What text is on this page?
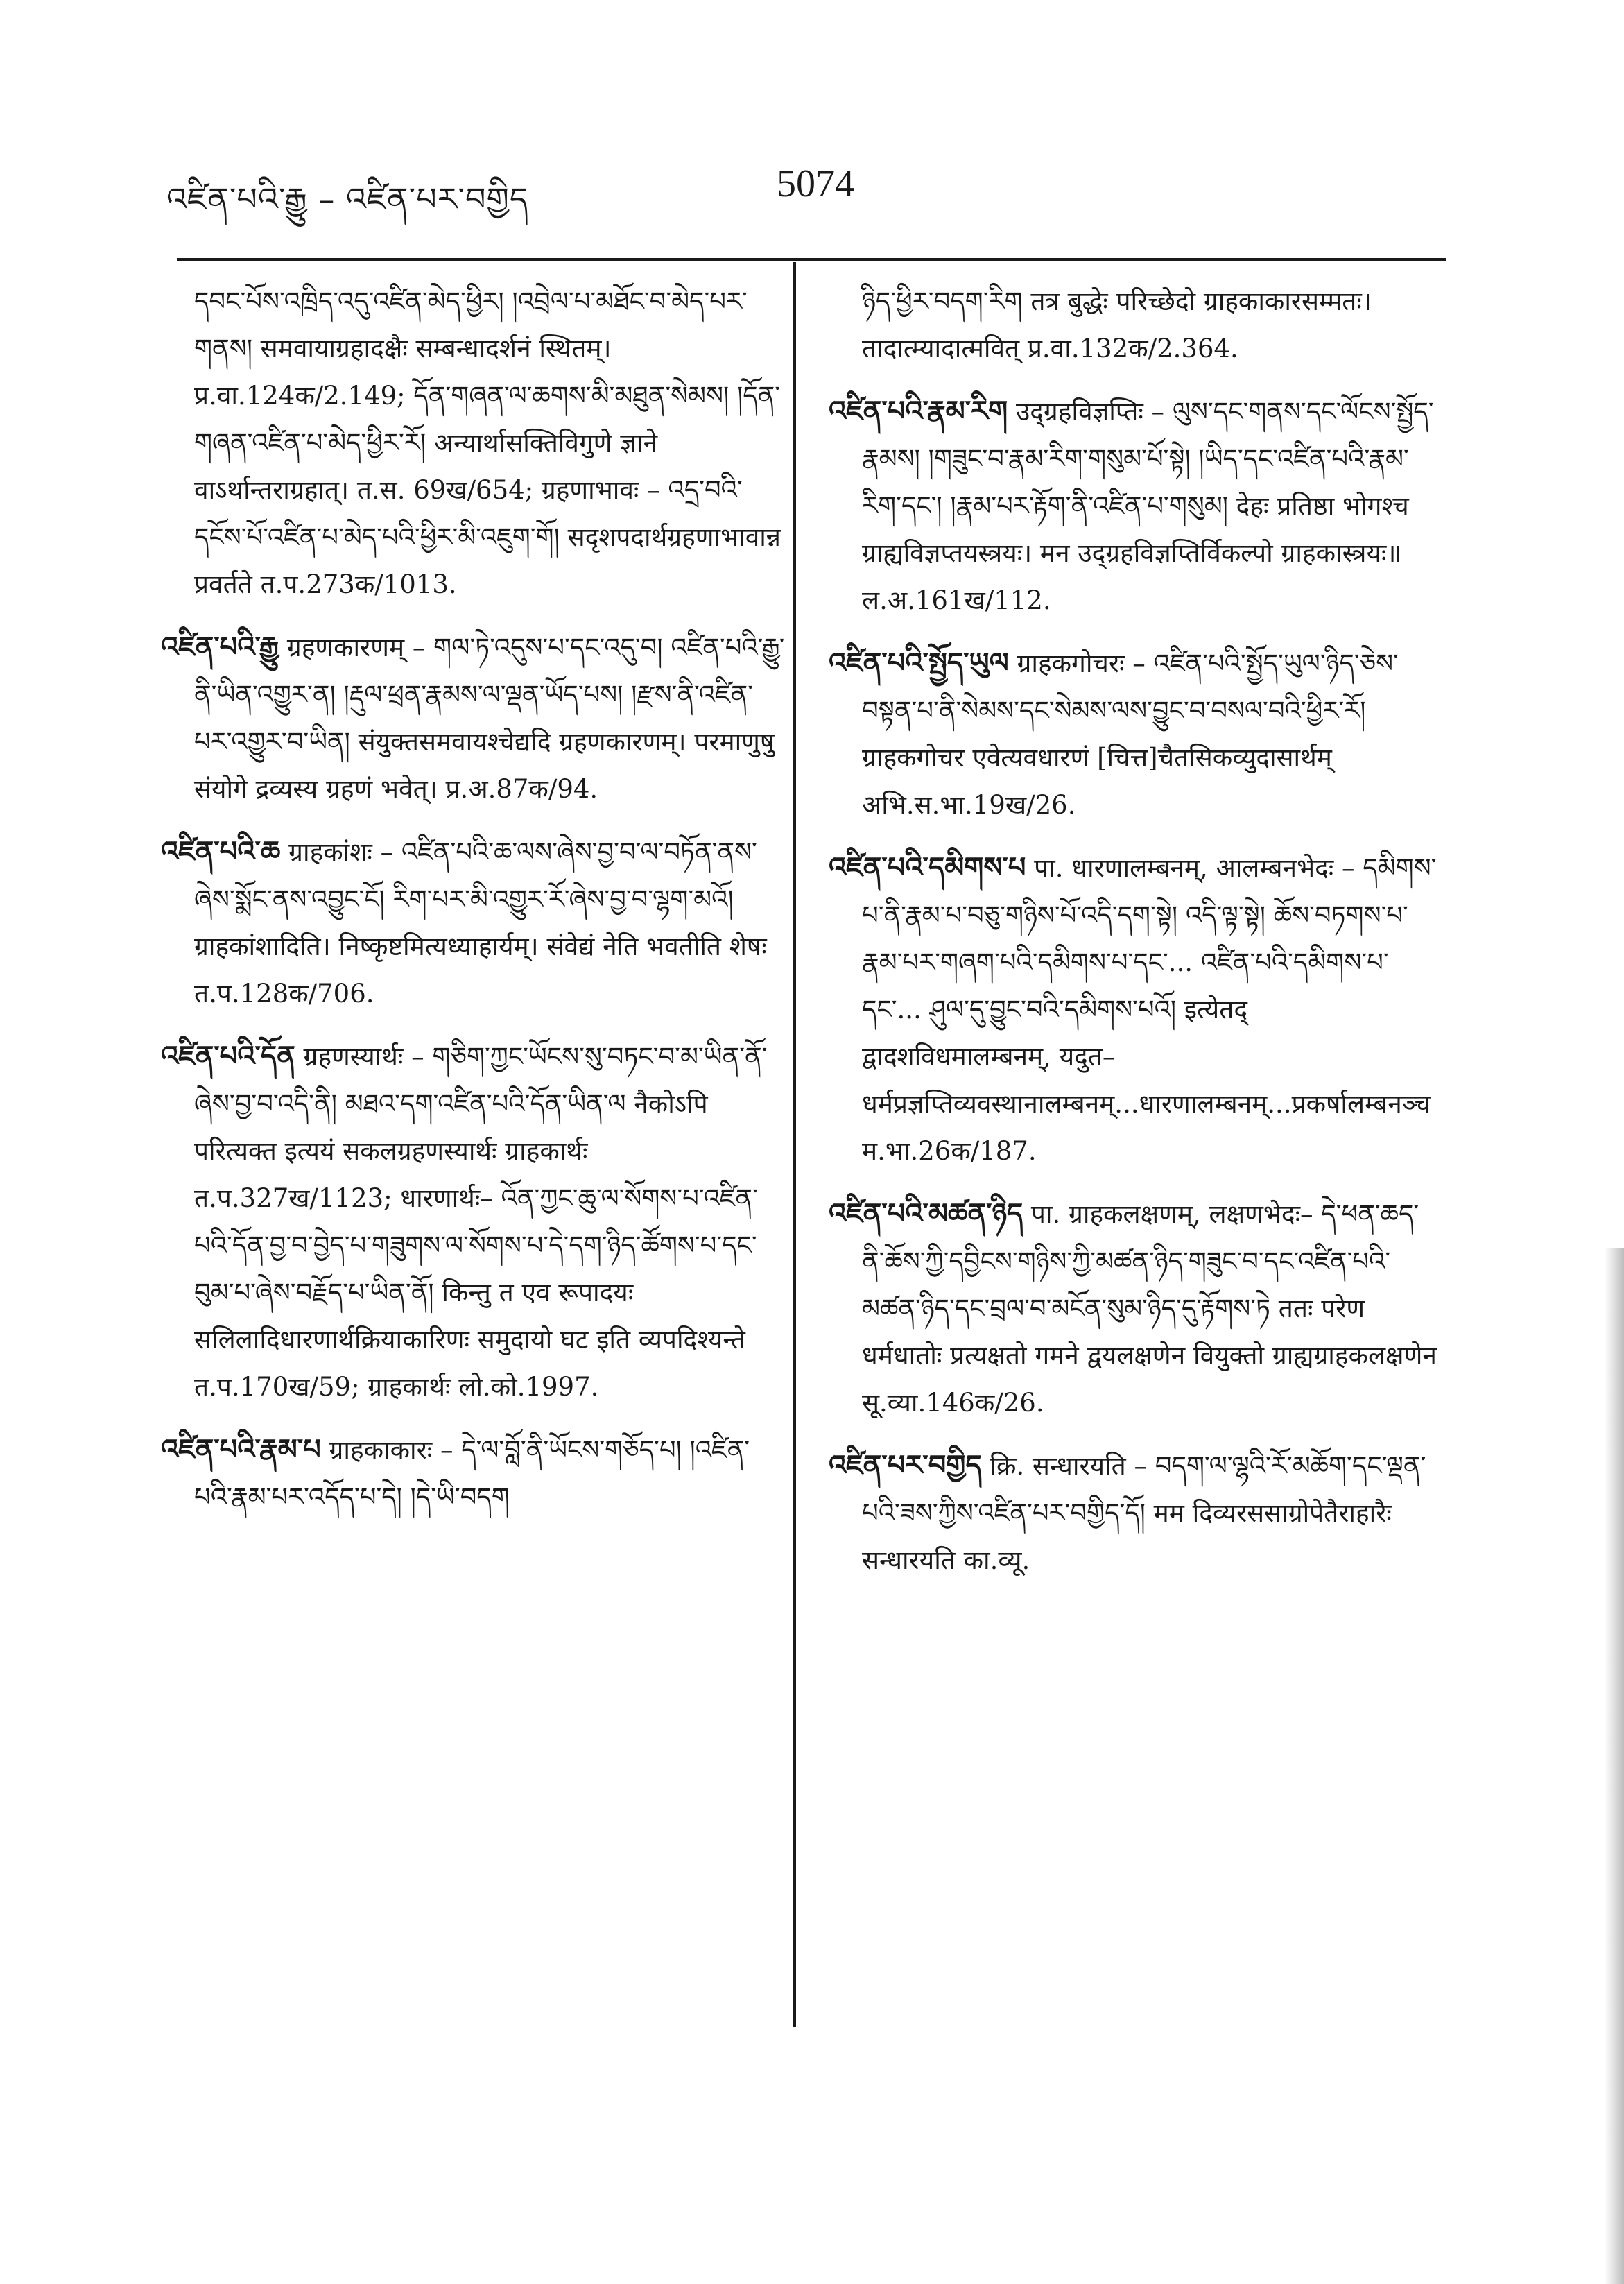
འཛིན་པའི་རྒྱུ – འཛིན་པར་བགྱིད	5074

དབང་པོས་འཁྲིད་འདུ་འཛིན་མེད་ཕྱིར། །འབྲེལ་པ་མཐོང་བ་མེད་པར་གནས། समवायाग्रहादक्षैः सम्बन्धादर्शनं स्थितम्। प्र.वा.124क/2.149; དོན་གཞན་ལ་ཆགས་མི་མཐུན་སེམས། །དོན་གཞན་འཛིན་པ་མེད་ཕྱིར་རོ། अन्यार्थासक्तिविगुणे ज्ञाने वाऽर्थान्तराग्रहात्। त.स. 69ख/654; ग्रहणाभावः – འདྲ་བའི་དངོས་པོ་འཛིན་པ་མེད་པའི་ཕྱིར་མི་འཇུག་གོ། सदृशपदार्थग्रहणाभावान्न प्रवर्तते त.प.273क/1013.

འཛིན་པའི་རྒྱུ ग्रहणकारणम् – གལ་ཏེ་འདུས་པ་དང་འདུ་བ། འཛིན་པའི་རྒྱུ་ནི་ཡིན་འགྱུར་ན། །རྡུལ་ཕྲན་རྣམས་ལ་ལྡན་ཡོད་པས། །རྫས་ནི་འཛིན་པར་འགྱུར་བ་ཡིན། संयुक्तसमवायश्चेद्यदि ग्रहणकारणम्। परमाणुषु संयोगे द्रव्यस्य ग्रहणं भवेत्। प्र.अ.87क/94.

འཛིན་པའི་ཆ ग्राहकांशः – འཛིན་པའི་ཆ་ལས་ཞེས་བྱ་བ་ལ་བཏོན་ནས་ཞེས་སྨོང་ནས་འབྱུང་ངོ། རིག་པར་མི་འགྱུར་རོ་ཞེས་བྱ་བ་ལྷག་མའོ། ग्राहकांशादिति। निष्कृष्टमित्यध्याहार्यम्। संवेद्यं नेति भवतीति शेषः त.प.128क/706.

འཛིན་པའི་དོན ग्रहणस्यार्थः – གཅིག་ཀྱང་ཡོངས་སུ་བཏང་བ་མ་ཡིན་ནོ་ཞེས་བྱ་བ་འདི་ནི། མཐའ་དག་འཛིན་པའི་དོན་ཡིན་ལ नैकोऽपि परित्यक्त इत्ययं सकलग्रहणस्यार्थः ग्राहकार्थः त.प.327ख/1123; धारणार्थः– འོན་ཀྱང་ཆུ་ལ་སོགས་པ་འཛིན་པའི་དོན་བྱ་བ་བྱེད་པ་གཟུགས་ལ་སོགས་པ་དེ་དག་ཉིད་ཚོགས་པ་དང་བུམ་པ་ཞེས་བརྗོད་པ་ཡིན་ནོ། किन्तु त एव रूपादयः सलिलादिधारणार्थक्रियाकारिणः समुदायो घट इति व्यपदिश्यन्ते त.प.170ख/59; ग्राहकार्थः लो.को.1997.

འཛིན་པའི་རྣམ་པ ग्राहकाकारः – དེ་ལ་བློ་ནི་ཡོངས་གཅོད་པ། །འཛིན་པའི་རྣམ་པར་འདོད་པ་དེ། །དེ་ཡི་བདག

ཉིད་ཕྱིར་བདག་རིག तत्र बुद्धेः परिच्छेदो ग्राहकाकारसम्मतः। तादात्म्यादात्मवित् प्र.वा.132क/2.364.

འཛིན་པའི་རྣམ་རིག उद्ग्रहविज्ञप्तिः – ལུས་དང་གནས་དང་ལོངས་སྤྱོད་རྣམས། །གཟུང་བ་རྣམ་རིག་གསུམ་པོ་སྟེ། །ཡིད་དང་འཛིན་པའི་རྣམ་རིག་དང་། །རྣམ་པར་རྟོག་ནི་འཛིན་པ་གསུམ། देहः प्रतिष्ठा भोगश्च ग्राह्यविज्ञप्तयस्त्रयः। मन उद्ग्रहविज्ञप्तिर्विकल्पो ग्राहकास्त्रयः॥ ल.अ.161ख/112.

འཛིན་པའི་སྤྱོད་ཡུལ ग्राहकगोचरः – འཛིན་པའི་སྤྱོད་ཡུལ་ཉིད་ཅེས་བསྟན་པ་ནི་སེམས་དང་སེམས་ལས་བྱུང་བ་བསལ་བའི་ཕྱིར་རོ། ग्राहकगोचर एवेत्यवधारणं [चित्त]चैतसिकव्युदासार्थम् अभि.स.भा.19ख/26.

འཛིན་པའི་དམིགས་པ पा. धारणालम्बनम्, आलम्बनभेदः – དམིགས་པ་ནི་རྣམ་པ་བཅུ་གཉིས་པོ་འདི་དག་སྟེ། འདི་ལྟ་སྟེ། ཆོས་བཏགས་པ་རྣམ་པར་གཞག་པའི་དམིགས་པ་དང་... འཛིན་པའི་དམིགས་པ་དང་... ཤུལ་དུ་བྱུང་བའི་དམིགས་པའོ། इत्येतद् द्वादशविधमालम्बनम्, यदुत–धर्मप्रज्ञप्तिव्यवस्थानालम्बनम्...धारणालम्बनम्...प्रकर्षालम्बनञ्च म.भा.26क/187.

འཛིན་པའི་མཚན་ཉིད पा. ग्राहकलक्षणम्, लक्षणभेदः– དེ་ཕན་ཆད་ནི་ཆོས་ཀྱི་དབྱིངས་གཉིས་ཀྱི་མཚན་ཉིད་གཟུང་བ་དང་འཛིན་པའི་མཚན་ཉིད་དང་བྲལ་བ་མངོན་སུམ་ཉིད་དུ་རྟོགས་ཏེ ततः परेण धर्मधातोः प्रत्यक्षतो गमने द्वयलक्षणेन वियुक्तो ग्राह्यग्राहकलक्षणेन सू.व्या.146क/26.

འཛིན་པར་བགྱིད क्रि. सन्धारयति – བདག་ལ་ལྷའི་རོ་མཆོག་དང་ལྡན་པའི་ཟས་ཀྱིས་འཛིན་པར་བགྱིད་དོ། मम दिव्यरससाग्रोपेतैराहारैः सन्धारयति का.व्यू.
